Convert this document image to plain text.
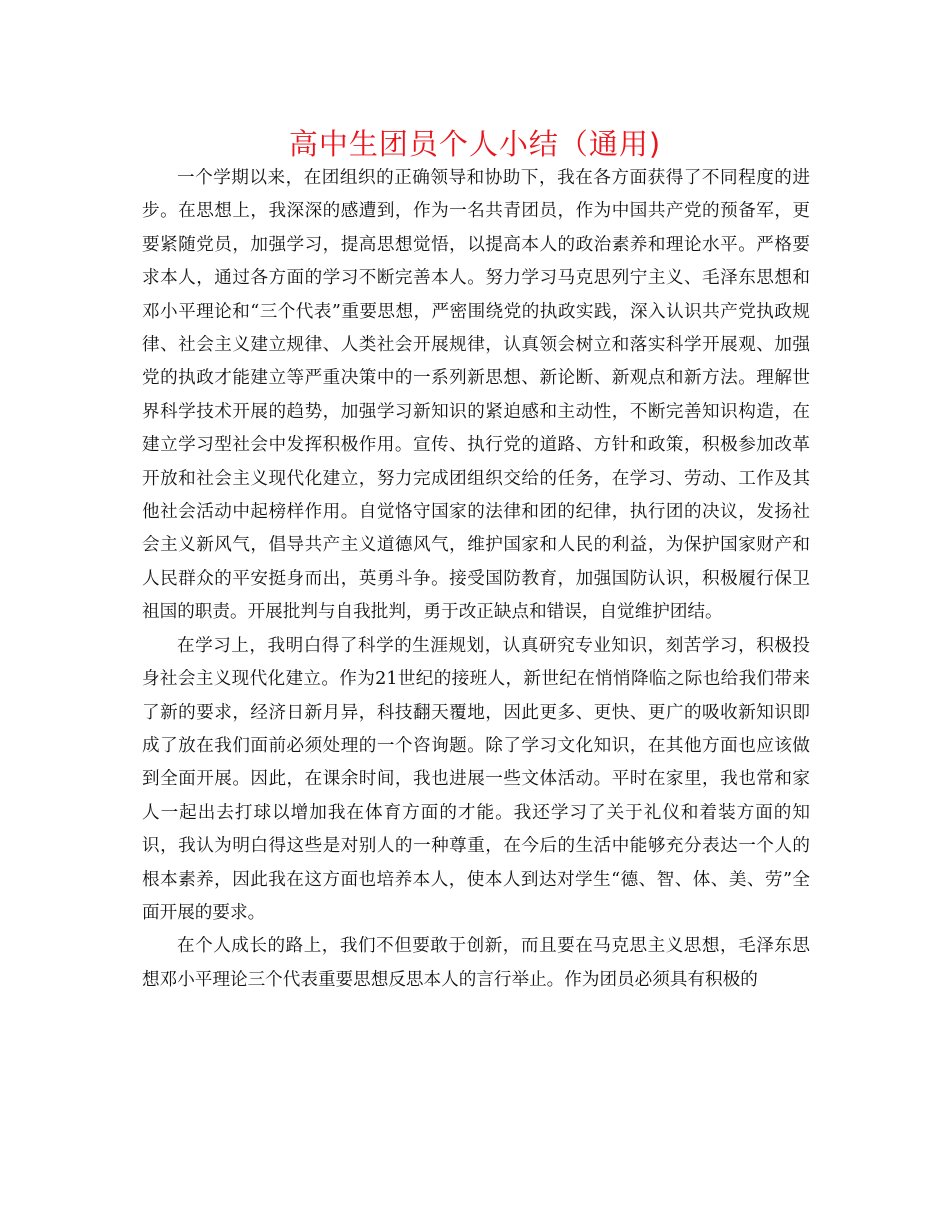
高中生团员个人小结（通用)

一个学期以来，在团组织的正确领导和协助下，我在各方面获得了不同程度的进步。在思想上，我深深的感遭到，作为一名共青团员，作为中国共产党的预备军，更要紧随党员，加强学习，提高思想觉悟，以提高本人的政治素养和理论水平。严格要求本人，通过各方面的学习不断完善本人。努力学习马克思列宁主义、毛泽东思想和邓小平理论和“三个代表”重要思想，严密围绕党的执政实践，深入认识共产党执政规律、社会主义建立规律、人类社会开展规律，认真领会树立和落实科学开展观、加强党的执政才能建立等严重决策中的一系列新思想、新论断、新观点和新方法。理解世界科学技术开展的趋势，加强学习新知识的紧迫感和主动性，不断完善知识构造，在建立学习型社会中发挥积极作用。宣传、执行党的道路、方针和政策，积极参加改革开放和社会主义现代化建立，努力完成团组织交给的任务，在学习、劳动、工作及其他社会活动中起榜样作用。自觉恪守国家的法律和团的纪律，执行团的决议，发扬社会主义新风气，倡导共产主义道德风气，维护国家和人民的利益，为保护国家财产和人民群众的平安挺身而出，英勇斗争。接受国防教育，加强国防认识，积极履行保卫祖国的职责。开展批判与自我批判，勇于改正缺点和错误，自觉维护团结。

在学习上，我明白得了科学的生涯规划，认真研究专业知识，刻苦学习，积极投身社会主义现代化建立。作为21世纪的接班人，新世纪在悄悄降临之际也给我们带来了新的要求，经济日新月异，科技翻天覆地，因此更多、更快、更广的吸收新知识即成了放在我们面前必须处理的一个咨询题。除了学习文化知识，在其他方面也应该做到全面开展。因此，在课余时间，我也进展一些文体活动。平时在家里，我也常和家人一起出去打球以增加我在体育方面的才能。我还学习了关于礼仪和着装方面的知识，我认为明白得这些是对别人的一种尊重，在今后的生活中能够充分表达一个人的根本素养，因此我在这方面也培养本人，使本人到达对学生“德、智、体、美、劳”全面开展的要求。

在个人成长的路上，我们不但要敢于创新，而且要在马克思主义思想，毛泽东思想邓小平理论三个代表重要思想反思本人的言行举止。作为团员必须具有积极的
